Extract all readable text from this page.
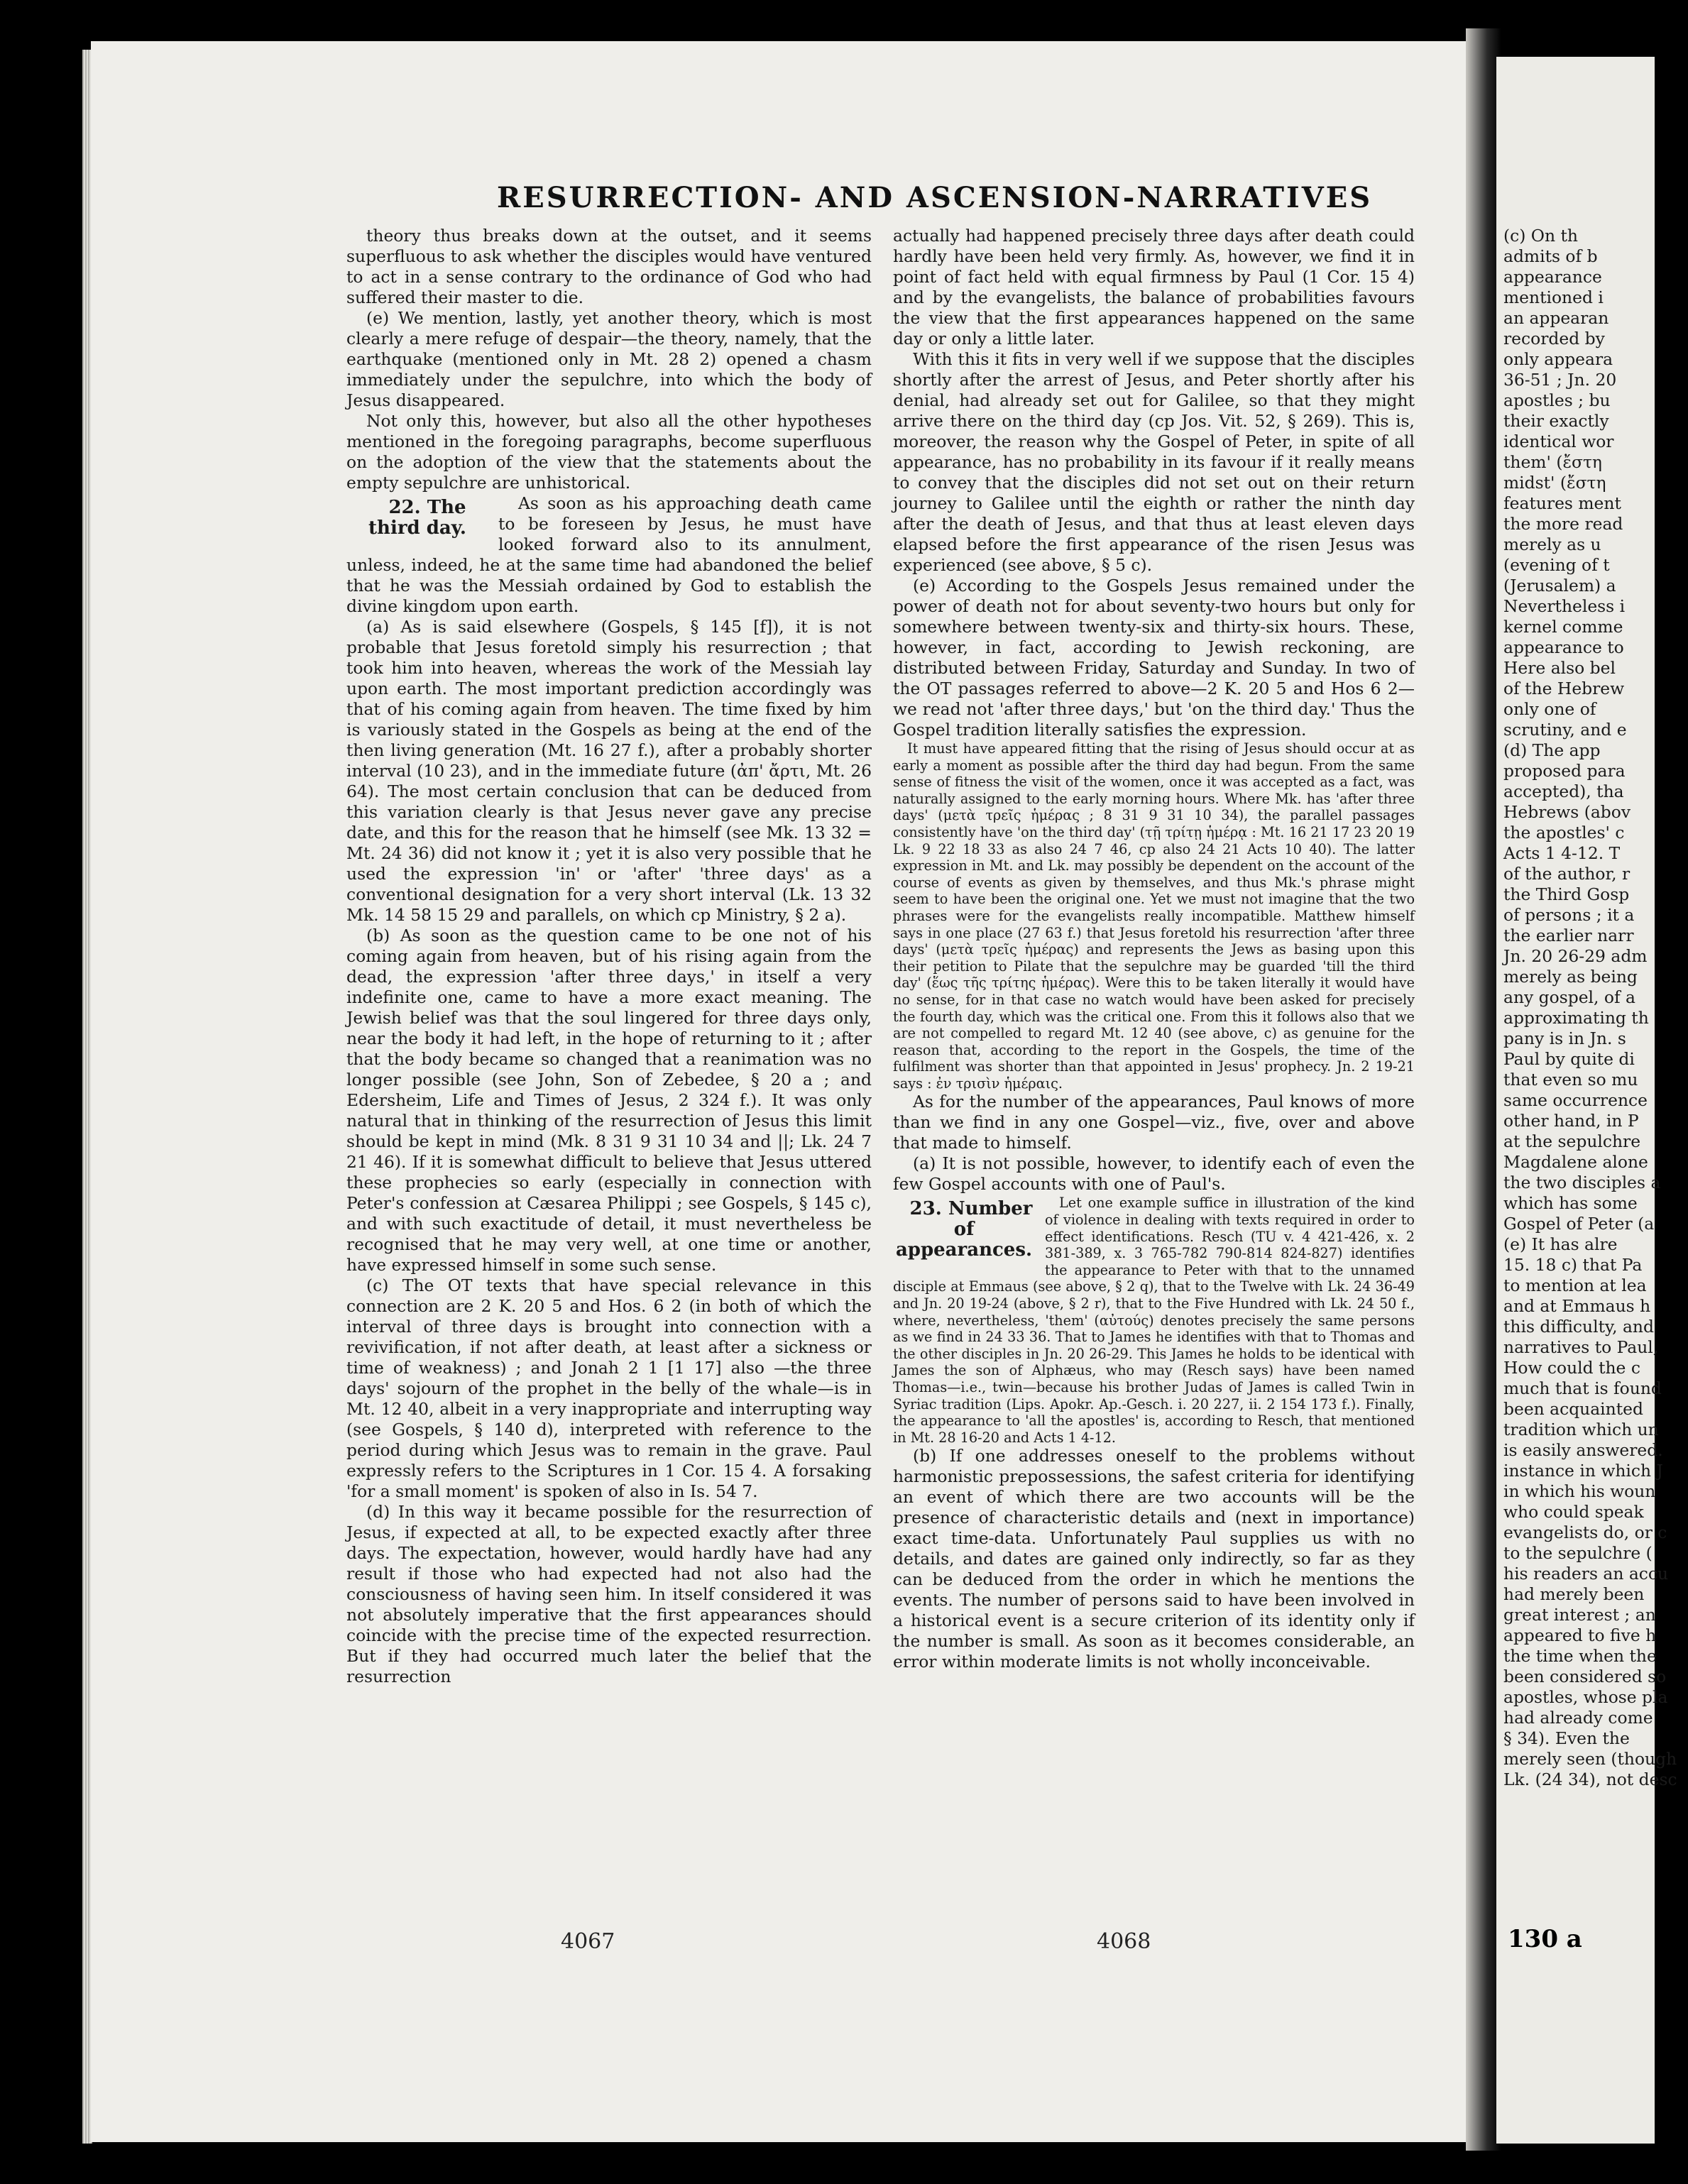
RESURRECTION- AND ASCENSION-NARRATIVES

theory thus breaks down at the outset, and it seems superfluous to ask whether the disciples would have ventured to act in a sense contrary to the ordinance of God who had suffered their master to die.

(e) We mention, lastly, yet another theory, which is most clearly a mere refuge of despair—the theory, namely, that the earthquake (mentioned only in Mt. 28 2) opened a chasm immediately under the sepulchre, into which the body of Jesus disappeared.

Not only this, however, but also all the other hypotheses mentioned in the foregoing paragraphs, become superfluous on the adoption of the view that the statements about the empty sepulchre are unhistorical.

22. The third day.
As soon as his approaching death came to be foreseen by Jesus, he must have looked forward also to its annulment, unless, indeed, he at the same time had abandoned the belief that he was the Messiah ordained by God to establish the divine kingdom upon earth.

(a) As is said elsewhere (Gospels, § 145 [f]), it is not probable that Jesus foretold simply his resurrection ; that took him into heaven, whereas the work of the Messiah lay upon earth. The most important prediction accordingly was that of his coming again from heaven. The time fixed by him is variously stated in the Gospels as being at the end of the then living generation (Mt. 16 27 f.), after a probably shorter interval (10 23), and in the immediate future (ἀπ' ἄρτι, Mt. 26 64). The most certain conclusion that can be deduced from this variation clearly is that Jesus never gave any precise date, and this for the reason that he himself (see Mk. 13 32 = Mt. 24 36) did not know it ; yet it is also very possible that he used the expression 'in' or 'after' 'three days' as a conventional designation for a very short interval (Lk. 13 32 Mk. 14 58 15 29 and parallels, on which cp Ministry, § 2 a).

(b) As soon as the question came to be one not of his coming again from heaven, but of his rising again from the dead, the expression 'after three days,' in itself a very indefinite one, came to have a more exact meaning. The Jewish belief was that the soul lingered for three days only, near the body it had left, in the hope of returning to it ; after that the body became so changed that a reanimation was no longer possible (see John, Son of Zebedee, § 20 a ; and Edersheim, Life and Times of Jesus, 2 324 f.). It was only natural that in thinking of the resurrection of Jesus this limit should be kept in mind (Mk. 8 31 9 31 10 34 and ||; Lk. 24 7 21 46). If it is somewhat difficult to believe that Jesus uttered these prophecies so early (especially in connection with Peter's confession at Cæsarea Philippi ; see Gospels, § 145 c), and with such exactitude of detail, it must nevertheless be recognised that he may very well, at one time or another, have expressed himself in some such sense.

(c) The OT texts that have special relevance in this connection are 2 K. 20 5 and Hos. 6 2 (in both of which the interval of three days is brought into connection with a revivification, if not after death, at least after a sickness or time of weakness) ; and Jonah 2 1 [1 17] also —the three days' sojourn of the prophet in the belly of the whale—is in Mt. 12 40, albeit in a very inappropriate and interrupting way (see Gospels, § 140 d), interpreted with reference to the period during which Jesus was to remain in the grave. Paul expressly refers to the Scriptures in 1 Cor. 15 4. A forsaking 'for a small moment' is spoken of also in Is. 54 7.

(d) In this way it became possible for the resurrection of Jesus, if expected at all, to be expected exactly after three days. The expectation, however, would hardly have had any result if those who had expected had not also had the consciousness of having seen him. In itself considered it was not absolutely imperative that the first appearances should coincide with the precise time of the expected resurrection. But if they had occurred much later the belief that the resurrection

actually had happened precisely three days after death could hardly have been held very firmly. As, however, we find it in point of fact held with equal firmness by Paul (1 Cor. 15 4) and by the evangelists, the balance of probabilities favours the view that the first appearances happened on the same day or only a little later.

With this it fits in very well if we suppose that the disciples shortly after the arrest of Jesus, and Peter shortly after his denial, had already set out for Galilee, so that they might arrive there on the third day (cp Jos. Vit. 52, § 269). This is, moreover, the reason why the Gospel of Peter, in spite of all appearance, has no probability in its favour if it really means to convey that the disciples did not set out on their return journey to Galilee until the eighth or rather the ninth day after the death of Jesus, and that thus at least eleven days elapsed before the first appearance of the risen Jesus was experienced (see above, § 5 c).

(e) According to the Gospels Jesus remained under the power of death not for about seventy-two hours but only for somewhere between twenty-six and thirty-six hours. These, however, in fact, according to Jewish reckoning, are distributed between Friday, Saturday and Sunday. In two of the OT passages referred to above—2 K. 20 5 and Hos 6 2—we read not 'after three days,' but 'on the third day.' Thus the Gospel tradition literally satisfies the expression.

It must have appeared fitting that the rising of Jesus should occur at as early a moment as possible after the third day had begun. From the same sense of fitness the visit of the women, once it was accepted as a fact, was naturally assigned to the early morning hours. Where Mk. has 'after three days' (μετὰ τρεῖς ἡμέρας ; 8 31 9 31 10 34), the parallel passages consistently have 'on the third day' (τῇ τρίτῃ ἡμέρᾳ : Mt. 16 21 17 23 20 19 Lk. 9 22 18 33 as also 24 7 46, cp also 24 21 Acts 10 40). The latter expression in Mt. and Lk. may possibly be dependent on the account of the course of events as given by themselves, and thus Mk.'s phrase might seem to have been the original one. Yet we must not imagine that the two phrases were for the evangelists really incompatible. Matthew himself says in one place (27 63 f.) that Jesus foretold his resurrection 'after three days' (μετὰ τρεῖς ἡμέρας) and represents the Jews as basing upon this their petition to Pilate that the sepulchre may be guarded 'till the third day' (ἕως τῆς τρίτης ἡμέρας). Were this to be taken literally it would have no sense, for in that case no watch would have been asked for precisely the fourth day, which was the critical one. From this it follows also that we are not compelled to regard Mt. 12 40 (see above, c) as genuine for the reason that, according to the report in the Gospels, the time of the fulfilment was shorter than that appointed in Jesus' prophecy. Jn. 2 19-21 says : ἐν τρισὶν ἡμέραις.

As for the number of the appearances, Paul knows of more than we find in any one Gospel—viz., five, over and above that made to himself.

(a) It is not possible, however, to identify each of even the few Gospel accounts with one of Paul's.

23. Number of appearances.
Let one example suffice in illustration of the kind of violence in dealing with texts required in order to effect identifications. Resch (TU v. 4 421-426, x. 2 381-389, x. 3 765-782 790-814 824-827) identifies the appearance to Peter with that to the unnamed disciple at Emmaus (see above, § 2 q), that to the Twelve with Lk. 24 36-49 and Jn. 20 19-24 (above, § 2 r), that to the Five Hundred with Lk. 24 50 f., where, nevertheless, 'them' (αὐτούς) denotes precisely the same persons as we find in 24 33 36. That to James he identifies with that to Thomas and the other disciples in Jn. 20 26-29. This James he holds to be identical with James the son of Alphæus, who may (Resch says) have been named Thomas—i.e., twin—because his brother Judas of James is called Twin in Syriac tradition (Lips. Apokr. Ap.-Gesch. i. 20 227, ii. 2 154 173 f.). Finally, the appearance to 'all the apostles' is, according to Resch, that mentioned in Mt. 28 16-20 and Acts 1 4-12.

(b) If one addresses oneself to the problems without harmonistic prepossessions, the safest criteria for identifying an event of which there are two accounts will be the presence of characteristic details and (next in importance) exact time-data. Unfortunately Paul supplies us with no details, and dates are gained only indirectly, so far as they can be deduced from the order in which he mentions the events. The number of persons said to have been involved in a historical event is a secure criterion of its identity only if the number is small. As soon as it becomes considerable, an error within moderate limits is not wholly inconceivable.

4067	4068
(c) On th
admits of b
appearance
mentioned i
an appearan
recorded by
only appeara
36-51 ; Jn. 20
apostles ; bu
their exactly
identical wor
them' (ἔστη
midst' (ἔστη
features ment
the more read
merely as u
(evening of t
(Jerusalem) a
Nevertheless i
kernel comme
appearance to
Here also bel
of the Hebrew
only one of
scrutiny, and e
(d) The app
proposed para
accepted), tha
Hebrews (abov
the apostles' c
Acts 1 4-12. T
of the author, r
the Third Gosp
of persons ; it a
the earlier narr
Jn. 20 26-29 adm
merely as being
any gospel, of a
approximating th
pany is in Jn. s
Paul by quite di
that even so mu
same occurrence
other hand, in P
at the sepulchre
Magdalene alone
the two disciples a
which has some
Gospel of Peter (a
(e) It has alre
15. 18 c) that Pa
to mention at lea
and at Emmaus h
this difficulty, and
narratives to Paul,
How could the c
much that is found
been acquainted
tradition which un
is easily answered.
instance in which J
in which his woun
who could speak
evangelists do, or c
to the sepulchre (
his readers an accu
had merely been
great interest ; an
appeared to five h
the time when the
been considered so
apostles, whose pla
had already come
§ 34). Even the
merely seen (though
Lk. (24 34), not desc
130 a
